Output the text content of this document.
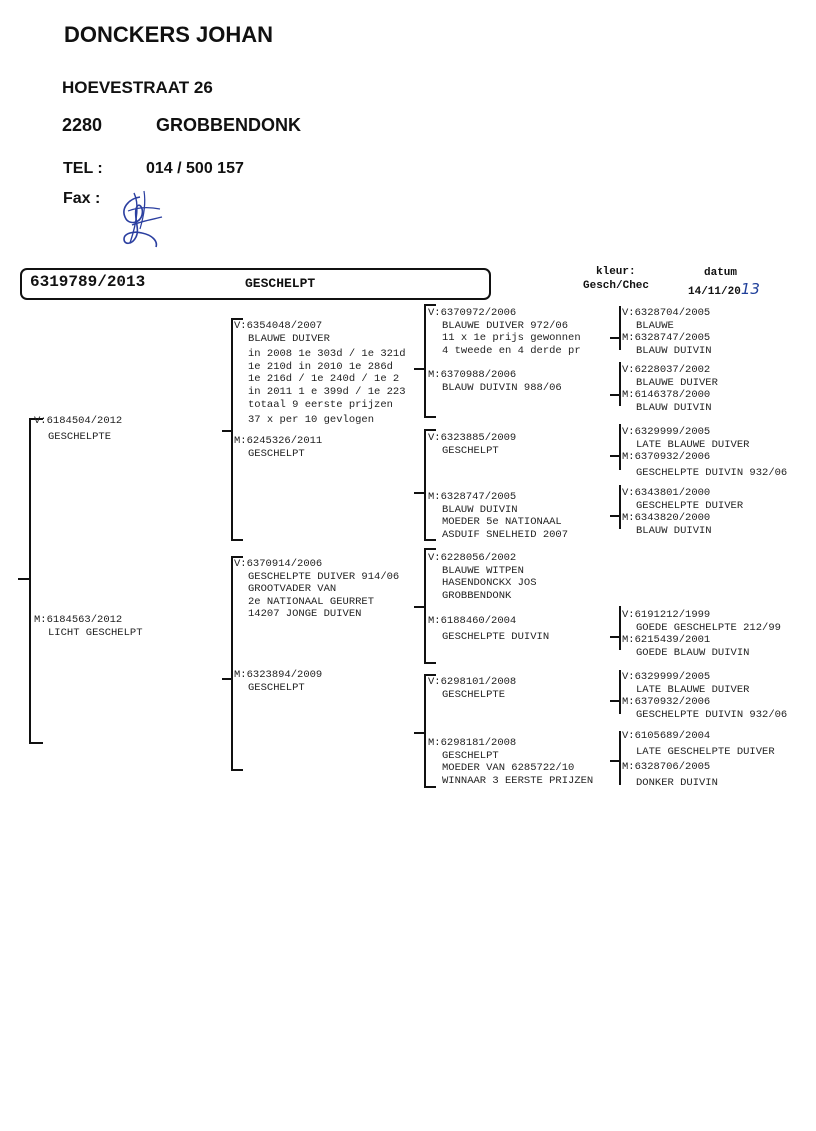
DONCKERS JOHAN
HOEVESTRAAT 26
2280	GROBBENDONK
TEL :	014 / 500 157
Fax :
6319789/2013	GESCHELPT
kleur:
Gesch/Chec
datum
14/11/2013
V:6184504/2012
GESCHELPTE
M:6184563/2012
LICHT GESCHELPT
V:6354048/2007
BLAUWE DUIVER
in 2008 1e 303d / 1e 321d
1e 210d in 2010 1e 286d
1e 216d / 1e 240d / 1e 2
in 2011 1 e 399d / 1e 223
totaal 9 eerste prijzen
37 x per 10 gevlogen
M:6245326/2011
GESCHELPT
V:6370914/2006
GESCHELPTE DUIVER 914/06
GROOTVADER VAN
2e NATIONAAL GEURRET
14207 JONGE DUIVEN
M:6323894/2009
GESCHELPT
V:6370972/2006
BLAUWE DUIVER 972/06
11 x 1e prijs gewonnen
4 tweede en 4 derde pr
M:6370988/2006
BLAUW DUIVIN 988/06
V:6323885/2009
GESCHELPT
M:6328747/2005
BLAUW DUIVIN
MOEDER 5e NATIONAAL
ASDUIF SNELHEID 2007
V:6228056/2002
BLAUWE WITPEN
HASENDONCKX JOS
GROBBENDONK
M:6188460/2004
GESCHELPTE DUIVIN
V:6298101/2008
GESCHELPTE
M:6298181/2008
GESCHELPT
MOEDER VAN 6285722/10
WINNAAR 3 EERSTE PRIJZEN
V:6328704/2005
BLAUWE
M:6328747/2005
BLAUW DUIVIN
V:6228037/2002
BLAUWE DUIVER
M:6146378/2000
BLAUW DUIVIN
V:6329999/2005
LATE BLAUWE DUIVER
M:6370932/2006
GESCHELPTE DUIVIN 932/06
V:6343801/2000
GESCHELPTE DUIVER
M:6343820/2000
BLAUW DUIVIN
V:6191212/1999
GOEDE GESCHELPTE 212/99
M:6215439/2001
GOEDE BLAUW DUIVIN
V:6329999/2005
LATE BLAUWE DUIVER
M:6370932/2006
GESCHELPTE DUIVIN 932/06
V:6105689/2004
LATE GESCHELPTE DUIVER
M:6328706/2005
DONKER DUIVIN
